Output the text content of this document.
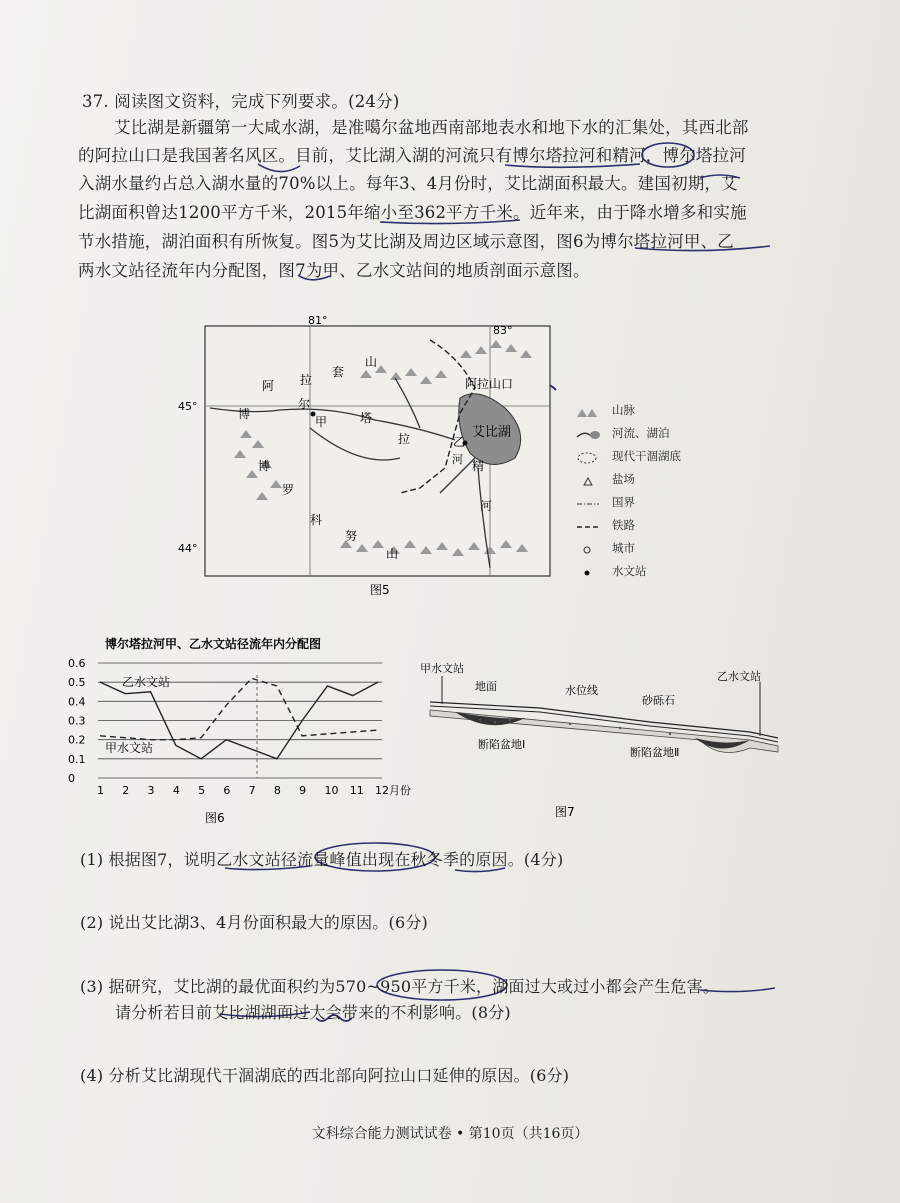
37. 阅读图文资料，完成下列要求。(24分)
艾比湖是新疆第一大咸水湖，是准噶尔盆地西南部地表水和地下水的汇集处，其西北部
的阿拉山口是我国著名风区。目前，艾比湖入湖的河流只有博尔塔拉河和精河，博尔塔拉河
入湖水量约占总入湖水量的70%以上。每年3、4月份时，艾比湖面积最大。建国初期，艾
比湖面积曾达1200平方千米，2015年缩小至362平方千米。近年来，由于降水增多和实施
节水措施，湖泊面积有所恢复。图5为艾比湖及周边区域示意图，图6为博尔塔拉河甲、乙
两水文站径流年内分配图，图7为甲、乙水文站间的地质剖面示意图。
81°
83°
45°
44°
阿拉山口
艾比湖
甲
乙
山
套
阿 拉
塔
尔
拉
博
精
河
河
博
罗
科
努
山
图5
山脉
河流、湖泊
现代干涸湖底
盐场
国界
铁路
城市
水文站
博尔塔拉河甲、乙水文站径流年内分配图
0
0.1
0.2
0.3
0.4
0.5
0.6
1 2 3 4 5 6 7 8 9 10 11 12月份
乙水文站
甲水文站
图6
甲水文站
乙水文站
地面	水位线
砂砾石
断陷盆地Ⅰ
断陷盆地Ⅱ
图7
(1) 根据图7，说明乙水文站径流量峰值出现在秋冬季的原因。(4分)
(2) 说出艾比湖3、4月份面积最大的原因。(6分)
(3) 据研究，艾比湖的最优面积约为570~950平方千米，湖面过大或过小都会产生危害。
请分析若目前艾比湖湖面过大会带来的不利影响。(8分)
(4) 分析艾比湖现代干涸湖底的西北部向阿拉山口延伸的原因。(6分)
文科综合能力测试试卷 • 第10页（共16页）
